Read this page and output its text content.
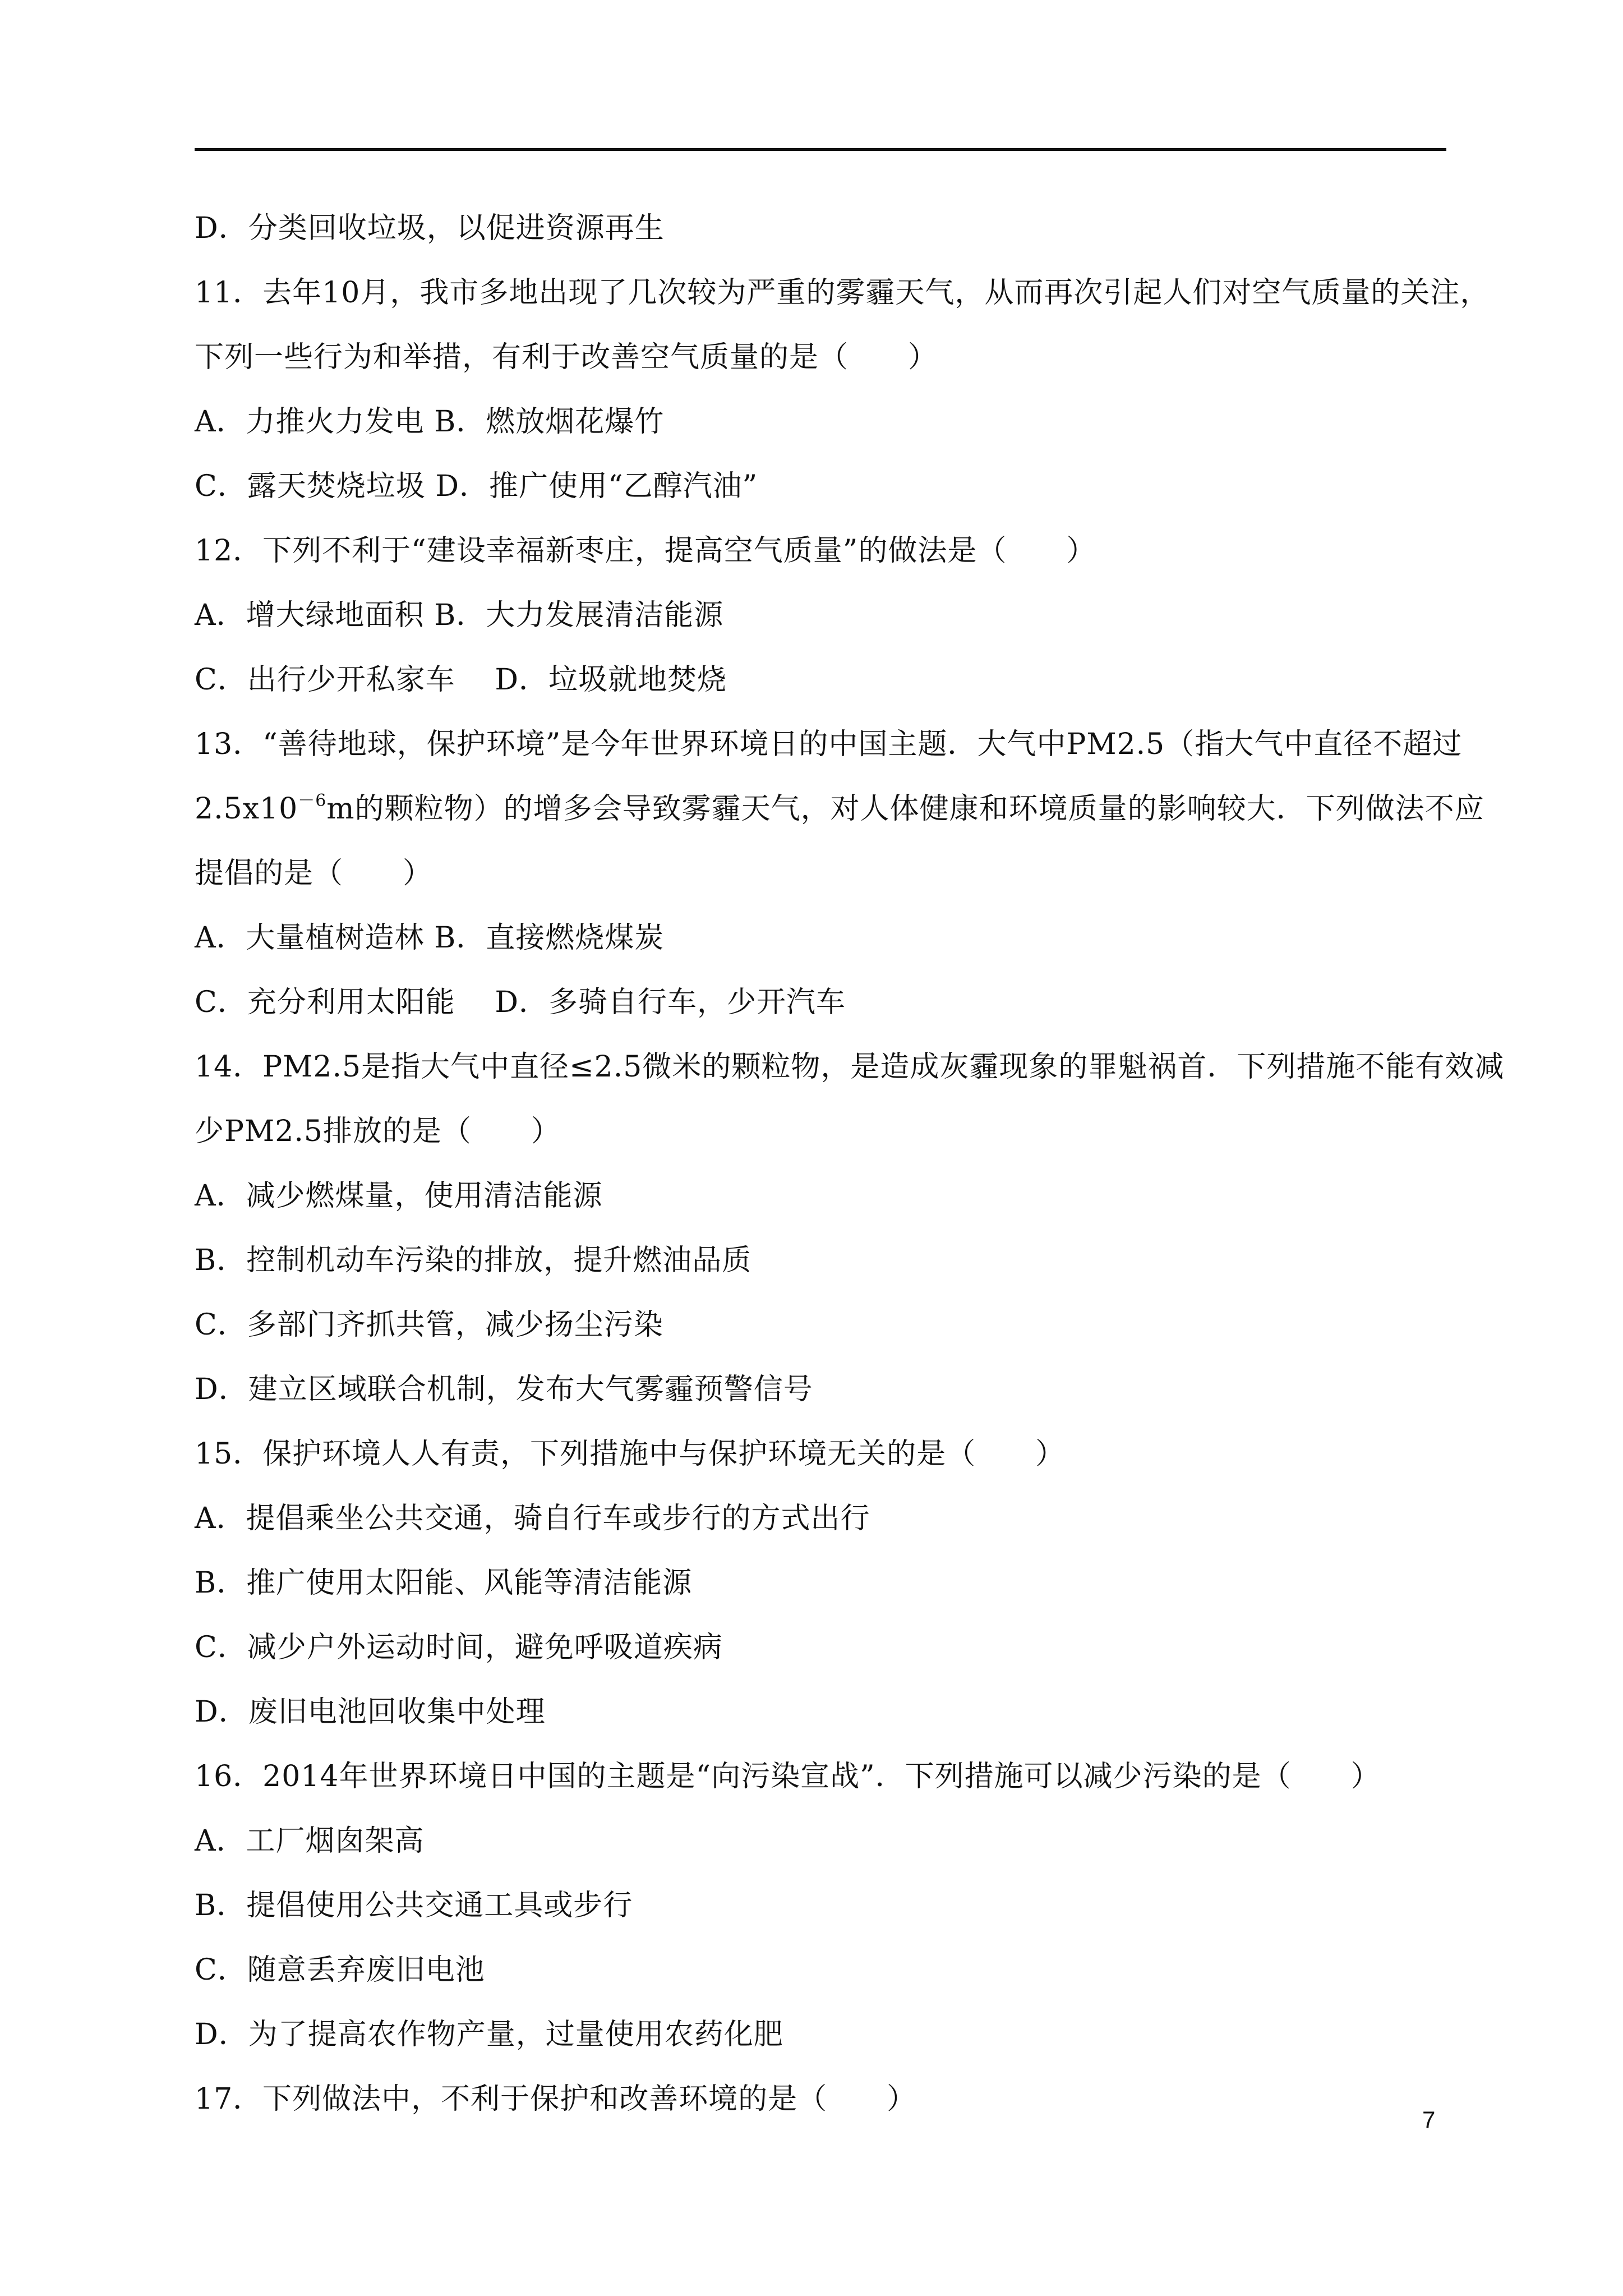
D．分类回收垃圾，以促进资源再生
11．去年10月，我市多地出现了几次较为严重的雾霾天气，从而再次引起人们对空气质量的关注，
下列一些行为和举措，有利于改善空气质量的是（　　）
A．力推火力发电 B．燃放烟花爆竹
C．露天焚烧垃圾 D．推广使用“乙醇汽油”
12．下列不利于“建设幸福新枣庄，提高空气质量”的做法是（　　）
A．增大绿地面积 B．大力发展清洁能源
C．出行少开私家车　 D．垃圾就地焚烧
13．“善待地球，保护环境”是今年世界环境日的中国主题．大气中PM2.5（指大气中直径不超过
$2.5x10^{-6}m$的颗粒物）的增多会导致雾霾天气，对人体健康和环境质量的影响较大．下列做法不应
提倡的是（　　）
A．大量植树造林 B．直接燃烧煤炭
C．充分利用太阳能　 D．多骑自行车，少开汽车
14．PM2.5是指大气中直径≤2.5微米的颗粒物，是造成灰霾现象的罪魁祸首．下列措施不能有效减
少PM2.5排放的是（　　）
A．减少燃煤量，使用清洁能源
B．控制机动车污染的排放，提升燃油品质
C．多部门齐抓共管，减少扬尘污染
D．建立区域联合机制，发布大气雾霾预警信号
15．保护环境人人有责，下列措施中与保护环境无关的是（　　）
A．提倡乘坐公共交通，骑自行车或步行的方式出行
B．推广使用太阳能、风能等清洁能源
C．减少户外运动时间，避免呼吸道疾病
D．废旧电池回收集中处理
16．2014年世界环境日中国的主题是“向污染宣战”．下列措施可以减少污染的是（　　）
A．工厂烟囱架高
B．提倡使用公共交通工具或步行
C．随意丢弃废旧电池
D．为了提高农作物产量，过量使用农药化肥
17．下列做法中，不利于保护和改善环境的是（　　）
7
